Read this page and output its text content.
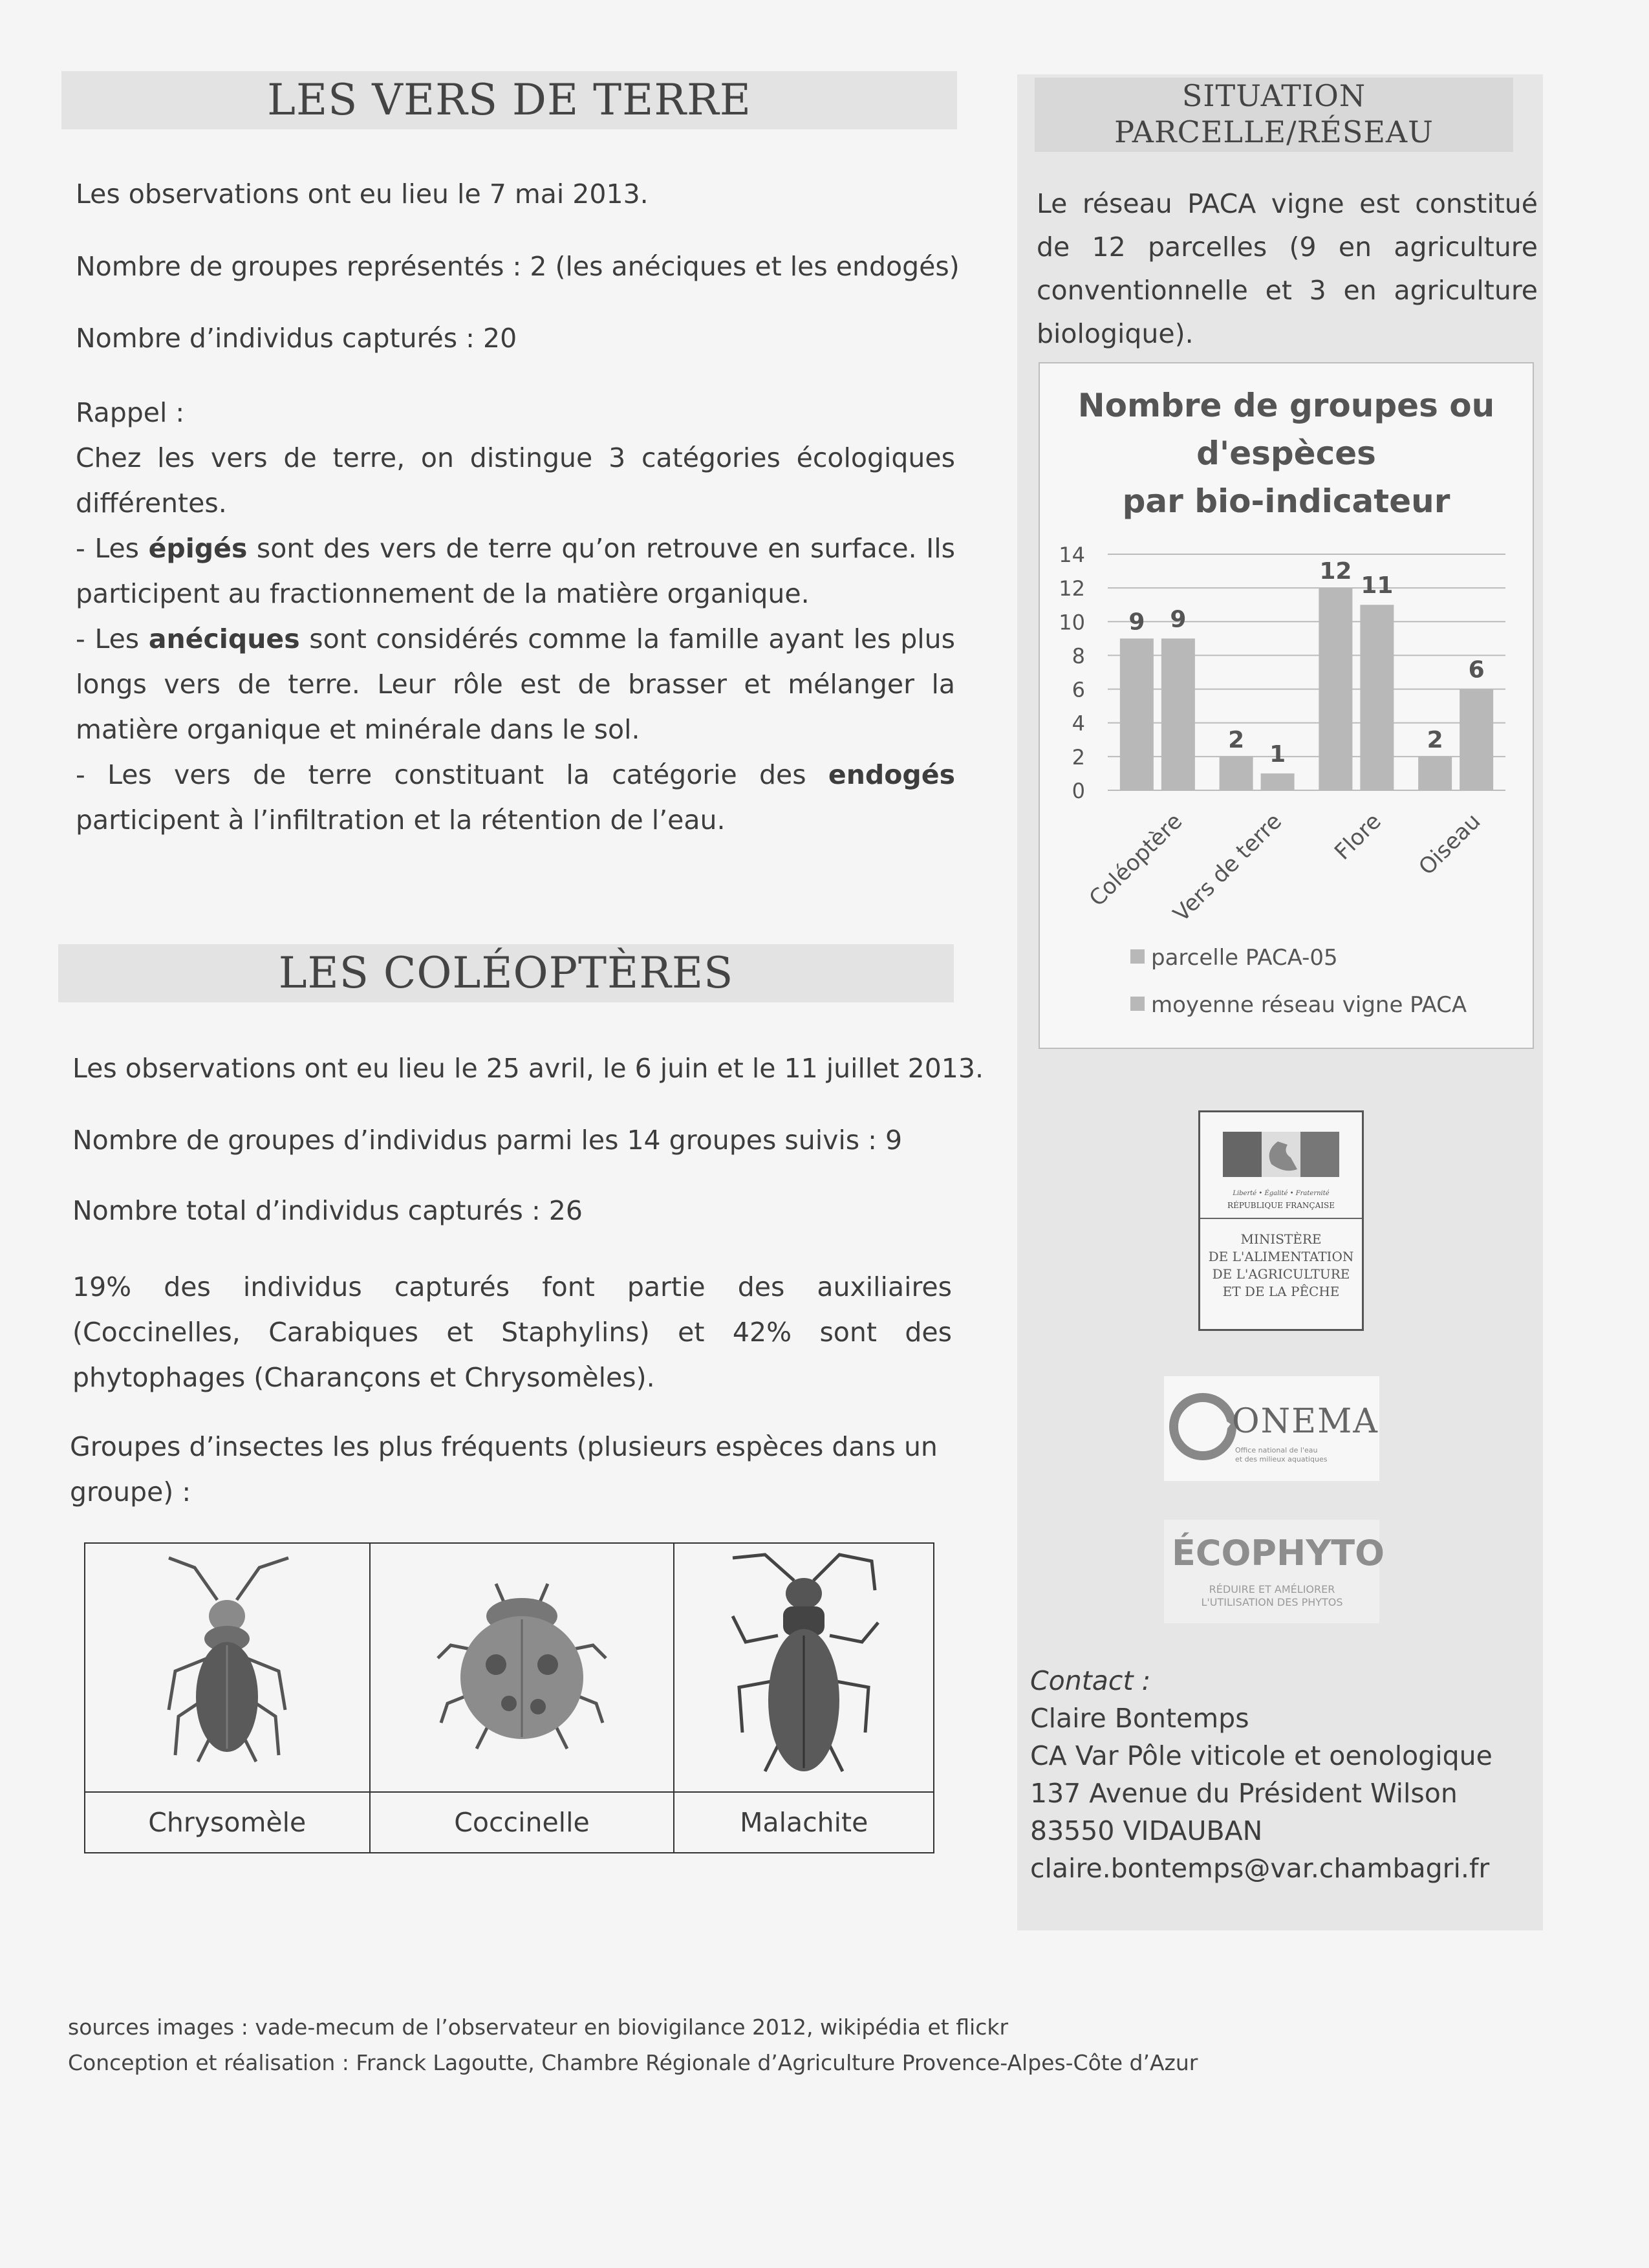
LES VERS DE TERRE
Les observations ont eu lieu le 7 mai 2013.
Nombre de groupes représentés : 2 (les anéciques et les endogés)
Nombre d’individus capturés : 20
Rappel :
Chez les vers de terre, on distingue 3 catégories écologiques différentes.
- Les épigés sont des vers de terre qu’on retrouve en surface. Ils participent au fractionnement de la matière organique.
- Les anéciques sont considérés comme la famille ayant les plus longs vers de terre. Leur rôle est de brasser et mélanger la matière organique et minérale dans le sol.
- Les vers de terre constituant la catégorie des endogés participent à l’infiltration et la rétention de l’eau.
LES COLÉOPTÈRES
Les observations ont eu lieu le 25 avril, le 6 juin et le 11 juillet 2013.
Nombre de groupes d’individus parmi les 14 groupes suivis : 9
Nombre total d’individus capturés : 26
19% des individus capturés font partie des auxiliaires (Coccinelles, Carabiques et Staphylins) et 42% sont des phytophages (Charançons et Chrysomèles).
Groupes d’insectes les plus fréquents (plusieurs espèces dans un groupe) :

Chrysomèle	Coccinelle	Malachite
SITUATION
PARCELLE/RÉSEAU
Le réseau PACA vigne est constitué de 12 parcelles (9 en agriculture conventionnelle et 3 en agriculture biologique).
Nombre de groupes ou
d'espèces
par bio-indicateur
0
2
4
6
8
10
12
14
9 9
Coléoptère
2
1
Vers de terre
12
11
Flore
2
6
Oiseau
parcelle PACA-05
moyenne réseau vigne PACA
Liberté • Égalité • Fraternité
RÉPUBLIQUE FRANÇAISE
MINISTÈRE
DE L'ALIMENTATION
DE L'AGRICULTURE
ET DE LA PÊCHE
ONEMA
Office national de l'eau
et des milieux aquatiques
ÉCOPHYTO
RÉDUIRE ET AMÉLIORER
L'UTILISATION DES PHYTOS
Contact :
Claire Bontemps
CA Var Pôle viticole et oenologique
137 Avenue du Président Wilson
83550 VIDAUBAN
claire.bontemps@var.chambagri.fr
sources images : vade-mecum de l’observateur en biovigilance 2012, wikipédia et flickr
Conception et réalisation : Franck Lagoutte, Chambre Régionale d’Agriculture Provence-Alpes-Côte d’Azur
